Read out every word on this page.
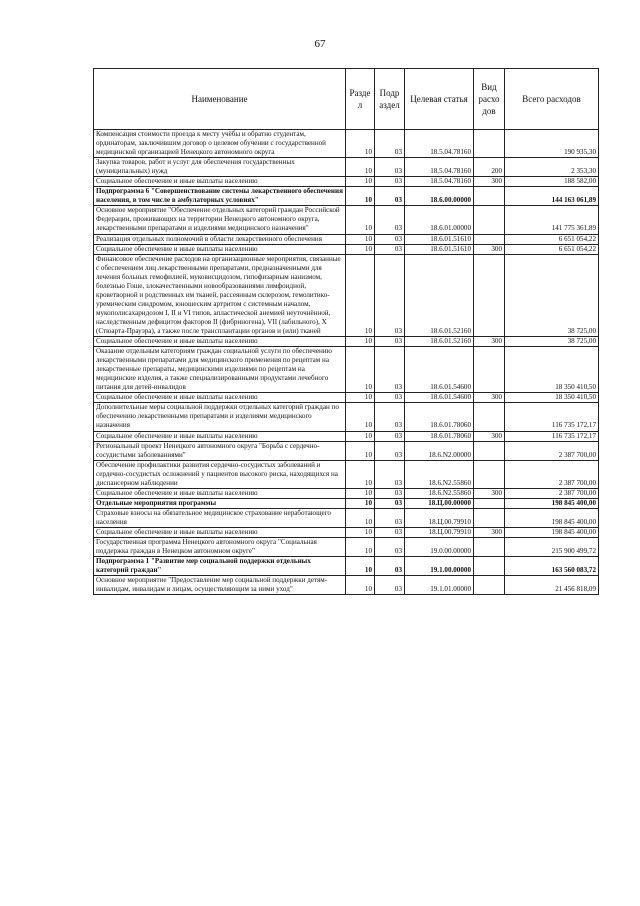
67
Наименование	Разде л	Подр аздел	Целевая статья	Вид расхо дов	Всего расходов
Компенсация стоимости проезда к месту учёбы и обратно студентам, ординаторам, заключившим договор о целевом обучении с государственной медицинской организацией Ненецкого автономного округа	10	03	18.5.04.78160		190 935,30
Закупка товаров, работ и услуг для обеспечения государственных (муниципальных) нужд	10	03	18.5.04.78160	200	2 353,30
Социальное обеспечение и иные выплаты населению	10	03	18.5.04.78160	300	188 582,00
Подпрограмма 6 "Совершенствование системы лекарственного обеспечения населения, в том числе в амбулаторных условиях"	10	03	18.6.00.00000		144 163 061,89
Основное мероприятие "Обеспечение отдельных категорий граждан Российской Федерации, проживающих на территории Ненецкого автономного округа, лекарственными препаратами и изделиями медицинского назначения"	10	03	18.6.01.00000		141 775 361,89
Реализация отдельных полномочий в области лекарственного обеспечения	10	03	18.6.01.51610		6 651 054,22
Социальное обеспечение и иные выплаты населению	10	03	18.6.01.51610	300	6 651 054,22
Финансовое обеспечение расходов на организационные мероприятия, связанные с обеспечением лиц лекарственными препаратами, предназначенными для лечения больных гемофилией, муковисцидозом, гипофизарным нанизмом, болезнью Гоше, злокачественными новообразованиями лимфоидной, кроветворной и родственных им тканей, рассеянным склерозом, гемолитико-уремическим синдромом, юношеским артритом с системным началом, мукополисахаридозом I, II и VI типов, апластической анемией неуточнённой, наследственным дефицитом факторов II (фибриногена), VII (лабильного), X (Стюарта-Прауэра), а также после трансплантации органов и (или) тканей	10	03	18.6.01.52160		38 725,00
Социальное обеспечение и иные выплаты населению	10	03	18.6.01.52160	300	38 725,00
Оказание отдельным категориям граждан социальной услуги по обеспечению лекарственными препаратами для медицинского применения по рецептам на лекарственные препараты, медицинскими изделиями по рецептам на медицинские изделия, а также специализированными продуктами лечебного питания для детей-инвалидов	10	03	18.6.01.54600		18 350 410,50
Социальное обеспечение и иные выплаты населению	10	03	18.6.01.54600	300	18 350 410,50
Дополнительные меры социальной поддержки отдельных категорий граждан по обеспечению лекарственными препаратами и изделиями медицинского назначения	10	03	18.6.01.78060		116 735 172,17
Социальное обеспечение и иные выплаты населению	10	03	18.6.01.78060	300	116 735 172,17
Региональный проект Ненецкого автономного округа "Борьба с сердечно-сосудистыми заболеваниями"	10	03	18.6.N2.00000		2 387 700,00
Обеспечение профилактики развития сердечно-сосудистых заболеваний и сердечно-сосудистых осложнений у пациентов высокого риска, находящихся на диспансерном наблюдении	10	03	18.6.N2.55860		2 387 700,00
Социальное обеспечение и иные выплаты населению	10	03	18.6.N2.55860	300	2 387 700,00
Отдельные мероприятия программы	10	03	18.Ц.00.00000		198 845 400,00
Страховые взносы на обязательное медицинское страхование неработающего населения	10	03	18.Ц.00.79910		198 845 400,00
Социальное обеспечение и иные выплаты населению	10	03	18.Ц.00.79910	300	198 845 400,00
Государственная программа Ненецкого автономного округа "Социальная поддержка граждан в Ненецком автономном округе"	10	03	19.0.00.00000		215 900 499,72
Подпрограмма 1 "Развитие мер социальной поддержки отдельных категорий граждан"	10	03	19.1.00.00000		163 560 083,72
Основное мероприятие "Предоставление мер социальной поддержки детям-инвалидам, инвалидам и лицам, осуществляющим за ними уход"	10	03	19.1.01.00000		21 456 818,09
